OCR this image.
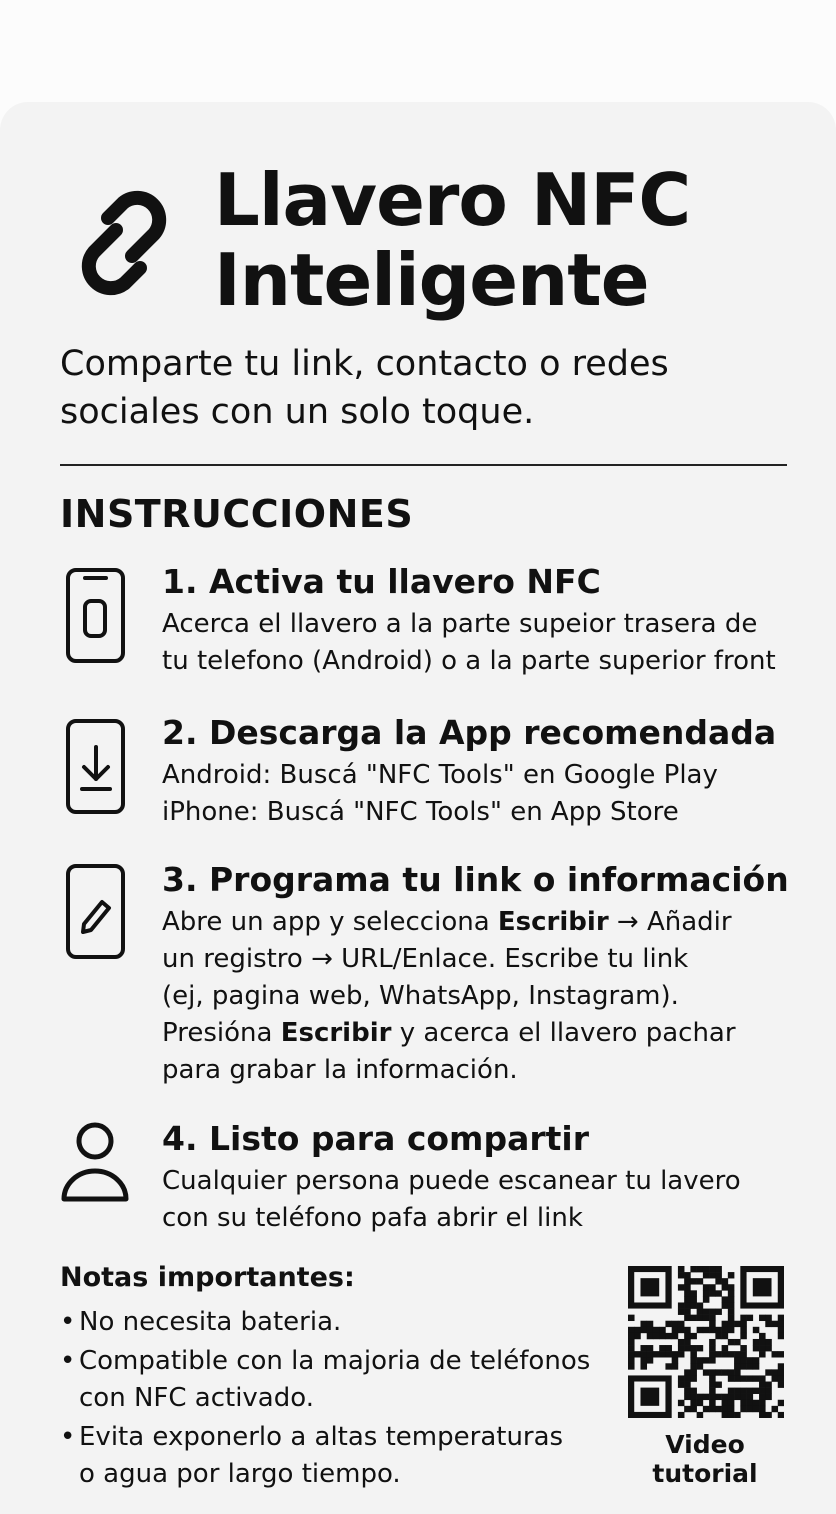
Llavero NFC
Inteligente

Comparte tu link, contacto o redes
sociales con un solo toque.

INSTRUCCIONES
1. Activa tu llavero NFC

Acerca el llavero a la parte supeior trasera de
tu telefono (Android) o a la parte superior front

2. Descarga la App recomendada

Android: Buscá "NFC Tools" en Google Play
iPhone: Buscá "NFC Tools" en App Store

3. Programa tu link o información

Abre un app y selecciona Escribir → Añadir
un registro → URL/Enlace. Escribe tu link
(ej, pagina web, WhatsApp, Instagram).
Presióna Escribir y acerca el llavero pachar
para grabar la información.

4. Listo para compartir

Cualquier persona puede escanear tu lavero
con su teléfono pafa abrir el link

Notas importantes:
• No necesita bateria.
• Compatible con la majoria de teléfonos
con NFC activado.
• Evita exponerlo a altas temperaturas
o agua por largo tiempo.

Video tutorial
